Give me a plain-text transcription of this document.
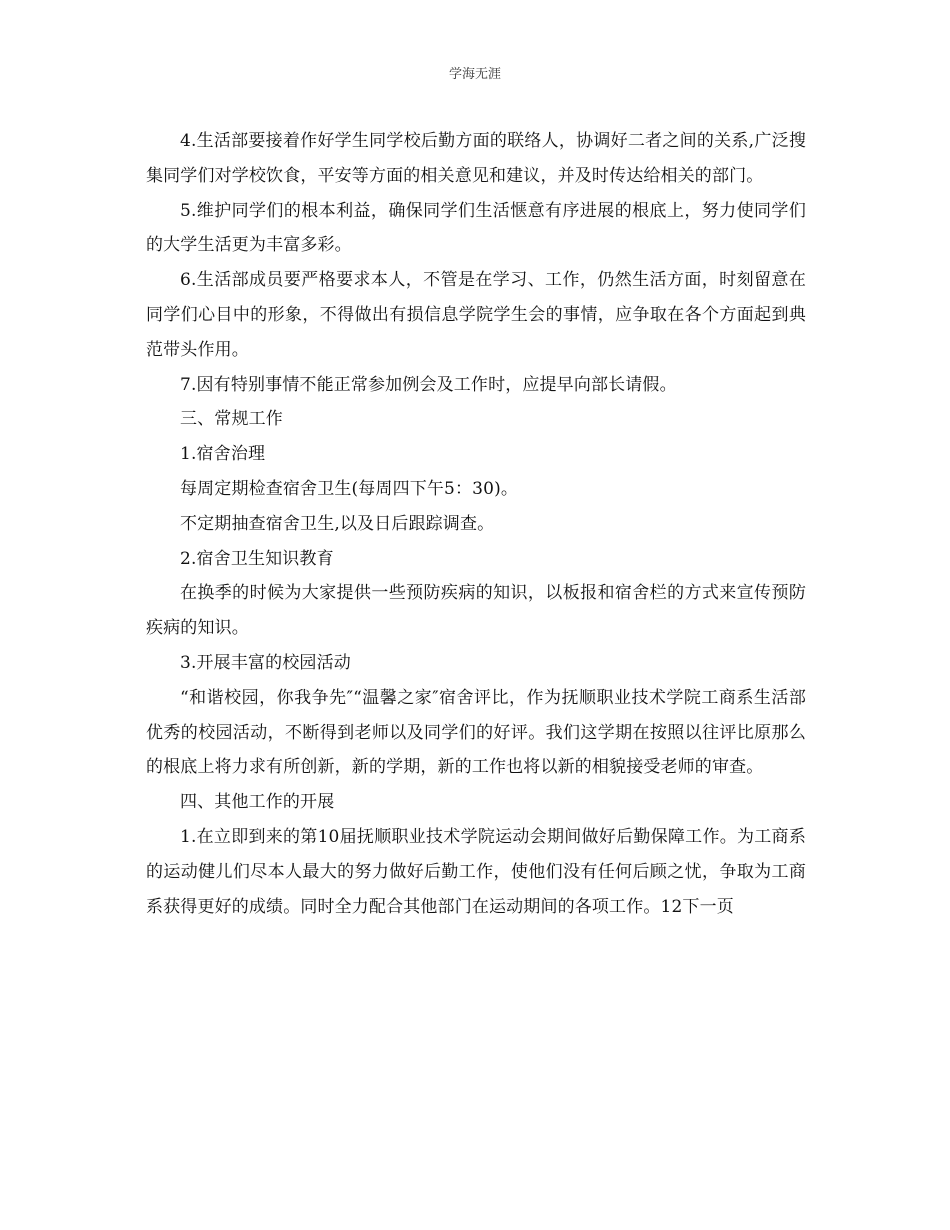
学海无涯

4.生活部要接着作好学生同学校后勤方面的联络人，协调好二者之间的关系,广泛搜集同学们对学校饮食，平安等方面的相关意见和建议，并及时传达给相关的部门。

5.维护同学们的根本利益，确保同学们生活惬意有序进展的根底上，努力使同学们的大学生活更为丰富多彩。

6.生活部成员要严格要求本人，不管是在学习、工作，仍然生活方面，时刻留意在同学们心目中的形象，不得做出有损信息学院学生会的事情，应争取在各个方面起到典范带头作用。

7.因有特别事情不能正常参加例会及工作时，应提早向部长请假。

三、常规工作

1.宿舍治理

每周定期检查宿舍卫生(每周四下午5：30)。

不定期抽查宿舍卫生,以及日后跟踪调查。

2.宿舍卫生知识教育

在换季的时候为大家提供一些预防疾病的知识，以板报和宿舍栏的方式来宣传预防疾病的知识。

3.开展丰富的校园活动

“和谐校园，你我争先″“温馨之家″宿舍评比，作为抚顺职业技术学院工商系生活部优秀的校园活动，不断得到老师以及同学们的好评。我们这学期在按照以往评比原那么的根底上将力求有所创新，新的学期，新的工作也将以新的相貌接受老师的审查。

四、其他工作的开展

1.在立即到来的第10届抚顺职业技术学院运动会期间做好后勤保障工作。为工商系的运动健儿们尽本人最大的努力做好后勤工作，使他们没有任何后顾之忧，争取为工商系获得更好的成绩。同时全力配合其他部门在运动期间的各项工作。12下一页
